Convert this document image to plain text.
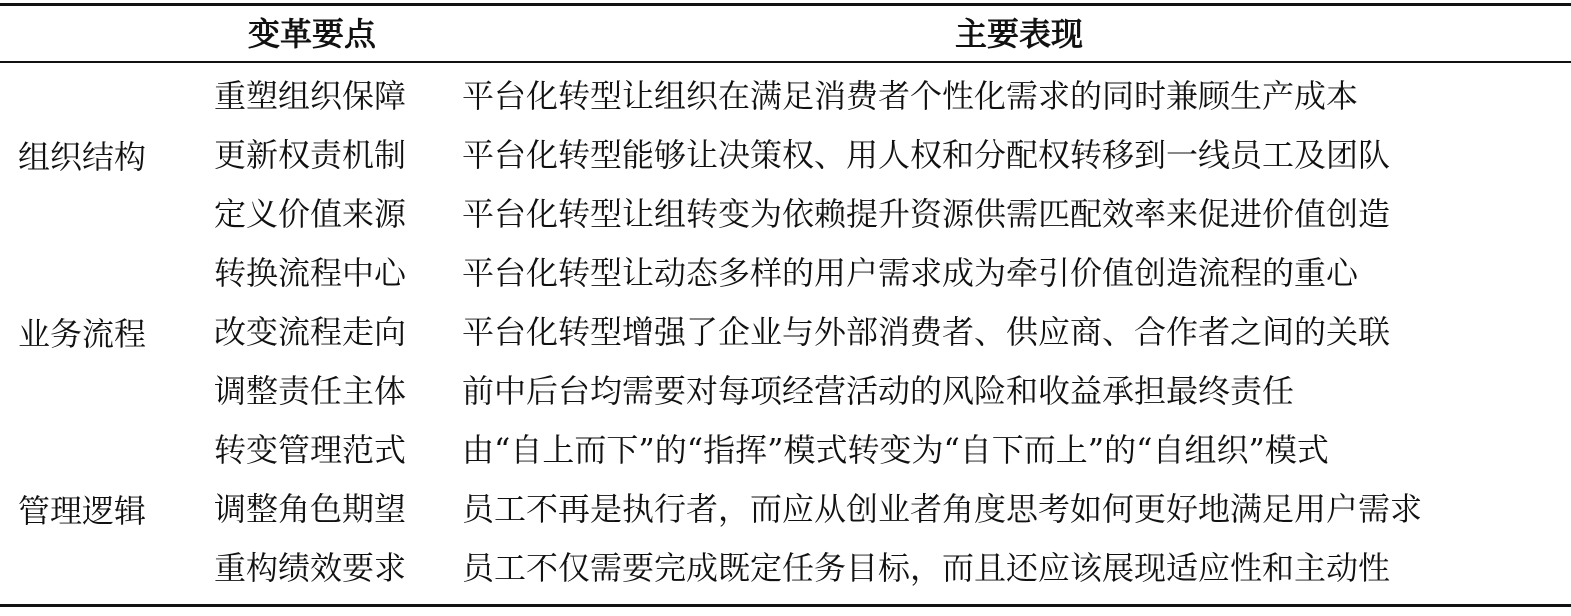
变革要点	主要表现
组织结构
业务流程
管理逻辑
重塑组织保障 平台化转型让组织在满足消费者个性化需求的同时兼顾生产成本
更新权责机制 平台化转型能够让决策权、用人权和分配权转移到一线员工及团队
定义价值来源 平台化转型让组转变为依赖提升资源供需匹配效率来促进价值创造
转换流程中心 平台化转型让动态多样的用户需求成为牵引价值创造流程的重心
改变流程走向 平台化转型增强了企业与外部消费者、供应商、合作者之间的关联
调整责任主体 前中后台均需要对每项经营活动的风险和收益承担最终责任
转变管理范式 由“自上而下”的“指挥”模式转变为“自下而上”的“自组织”模式
调整角色期望 员工不再是执行者，而应从创业者角度思考如何更好地满足用户需求
重构绩效要求 员工不仅需要完成既定任务目标，而且还应该展现适应性和主动性
